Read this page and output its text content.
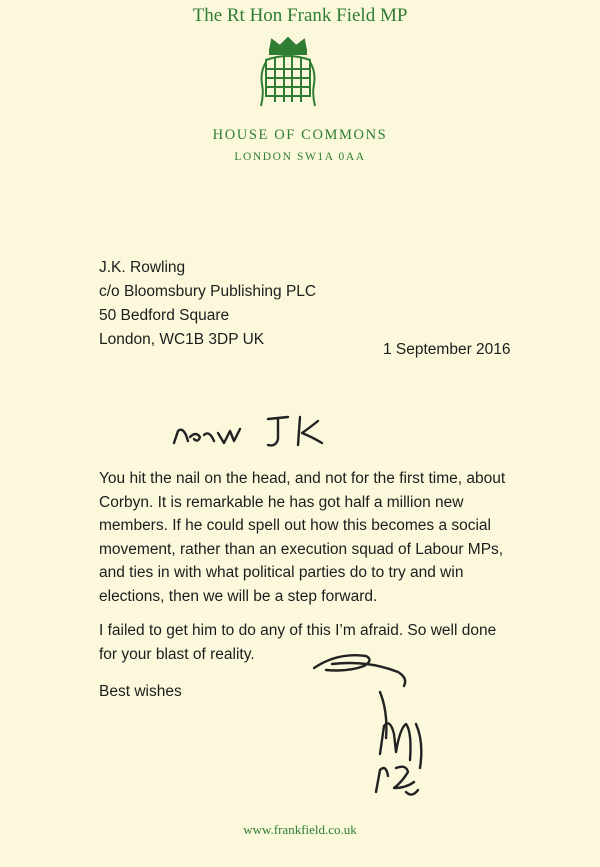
The Rt Hon Frank Field MP
HOUSE OF COMMONS
LONDON SW1A 0AA
J.K. Rowling
c/o Bloomsbury Publishing PLC
50 Bedford Square
London, WC1B 3DP UK
1 September 2016
You hit the nail on the head, and not for the first time, about
Corbyn. It is remarkable he has got half a million new
members. If he could spell out how this becomes a social
movement, rather than an execution squad of Labour MPs,
and ties in with what political parties do to try and win
elections, then we will be a step forward.
I failed to get him to do any of this I’m afraid. So well done
for your blast of reality.
Best wishes
www.frankfield.co.uk
